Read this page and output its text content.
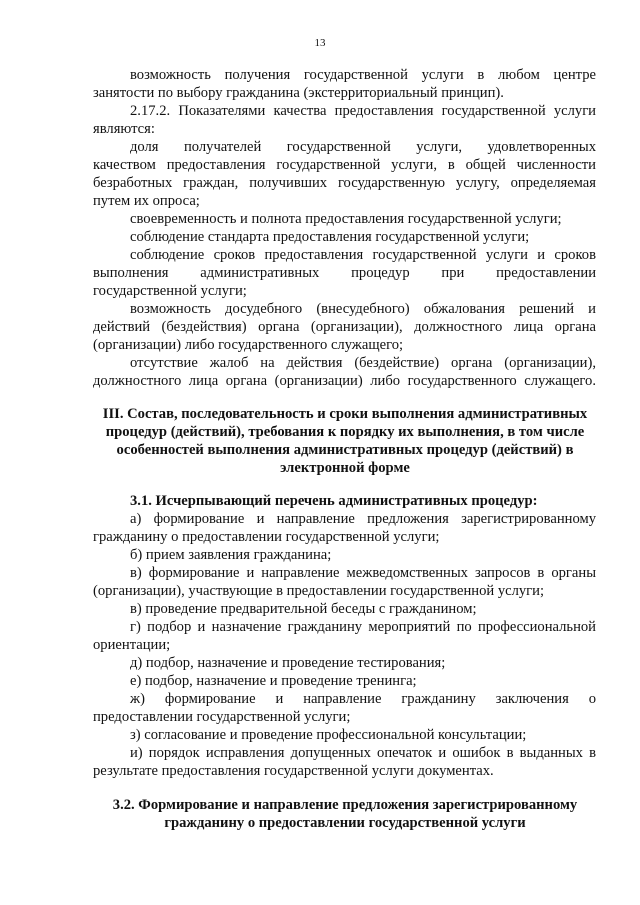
13
возможность получения государственной услуги в любом центре
занятости по выбору гражданина (экстерриториальный принцип).
2.17.2. Показателями качества предоставления государственной услуги
являются:
доля получателей государственной услуги, удовлетворенных
качеством предоставления государственной услуги, в общей численности
безработных граждан, получивших государственную услугу, определяемая
путем их опроса;
своевременность и полнота предоставления государственной услуги;
соблюдение стандарта предоставления государственной услуги;
соблюдение сроков предоставления государственной услуги и сроков
выполнения административных процедур при предоставлении
государственной услуги;
возможность досудебного (внесудебного) обжалования решений и
действий (бездействия) органа (организации), должностного лица органа
(организации) либо государственного служащего;
отсутствие жалоб на действия (бездействие) органа (организации),
должностного лица органа (организации) либо государственного служащего.
III. Состав, последовательность и сроки выполнения административных
процедур (действий), требования к порядку их выполнения, в том числе
особенностей выполнения административных процедур (действий) в
электронной форме
3.1. Исчерпывающий перечень административных процедур:
а) формирование и направление предложения зарегистрированному
гражданину о предоставлении государственной услуги;
б) прием заявления гражданина;
в) формирование и направление межведомственных запросов в органы
(организации), участвующие в предоставлении государственной услуги;
в) проведение предварительной беседы с гражданином;
г) подбор и назначение гражданину мероприятий по профессиональной
ориентации;
д) подбор, назначение и проведение тестирования;
е) подбор, назначение и проведение тренинга;
ж) формирование и направление гражданину заключения о
предоставлении государственной услуги;
з) согласование и проведение профессиональной консультации;
и) порядок исправления допущенных опечаток и ошибок в выданных в
результате предоставления государственной услуги документах.
3.2. Формирование и направление предложения зарегистрированному
гражданину о предоставлении государственной услуги
